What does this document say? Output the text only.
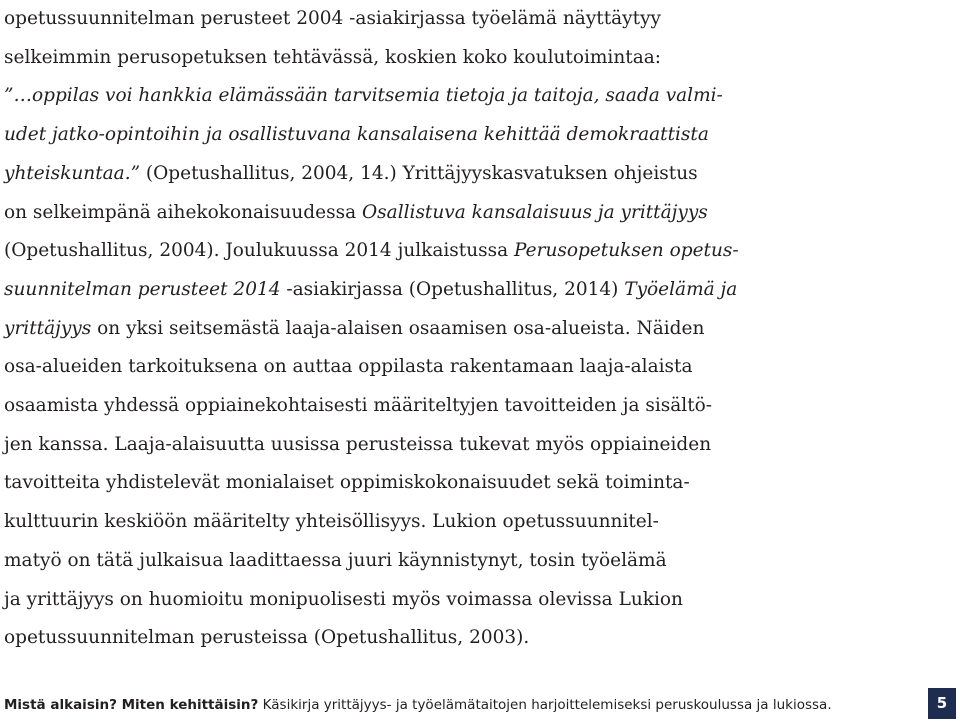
opetussuunnitelman perusteet 2004 -asiakirjassa työelämä näyttäytyy
selkeimmin perusopetuksen tehtävässä, koskien koko koulutoimintaa:
”…oppilas voi hankkia elämässään tarvitsemia tietoja ja taitoja, saada valmi-
udet jatko-opintoihin ja osallistuvana kansalaisena kehittää demokraattista
yhteiskuntaa.” (Opetushallitus, 2004, 14.) Yrittäjyyskasvatuksen ohjeistus
on selkeimpänä aihekokonaisuudessa Osallistuva kansalaisuus ja yrittäjyys
(Opetushallitus, 2004). Joulukuussa 2014 julkaistussa Perusopetuksen opetus-
suunnitelman perusteet 2014 -asiakirjassa (Opetushallitus, 2014) Työelämä ja
yrittäjyys on yksi seitsemästä laaja-alaisen osaamisen osa-alueista. Näiden
osa-alueiden tarkoituksena on auttaa oppilasta rakentamaan laaja-alaista
osaamista yhdessä oppiainekohtaisesti määriteltyjen tavoitteiden ja sisältö-
jen kanssa. Laaja-alaisuutta uusissa perusteissa tukevat myös oppiaineiden
tavoitteita yhdistelevät monialaiset oppimiskokonaisuudet sekä toiminta-
kulttuurin keskiöön määritelty yhteisöllisyys. Lukion opetussuunnitel-
matyö on tätä julkaisua laadittaessa juuri käynnistynyt, tosin työelämä
ja yrittäjyys on huomioitu monipuolisesti myös voimassa olevissa Lukion
opetussuunnitelman perusteissa (Opetushallitus, 2003).
Mistä alkaisin? Miten kehittäisin? Käsikirja yrittäjyys- ja työelämätaitojen harjoittelemiseksi peruskoulussa ja lukiossa.	5
